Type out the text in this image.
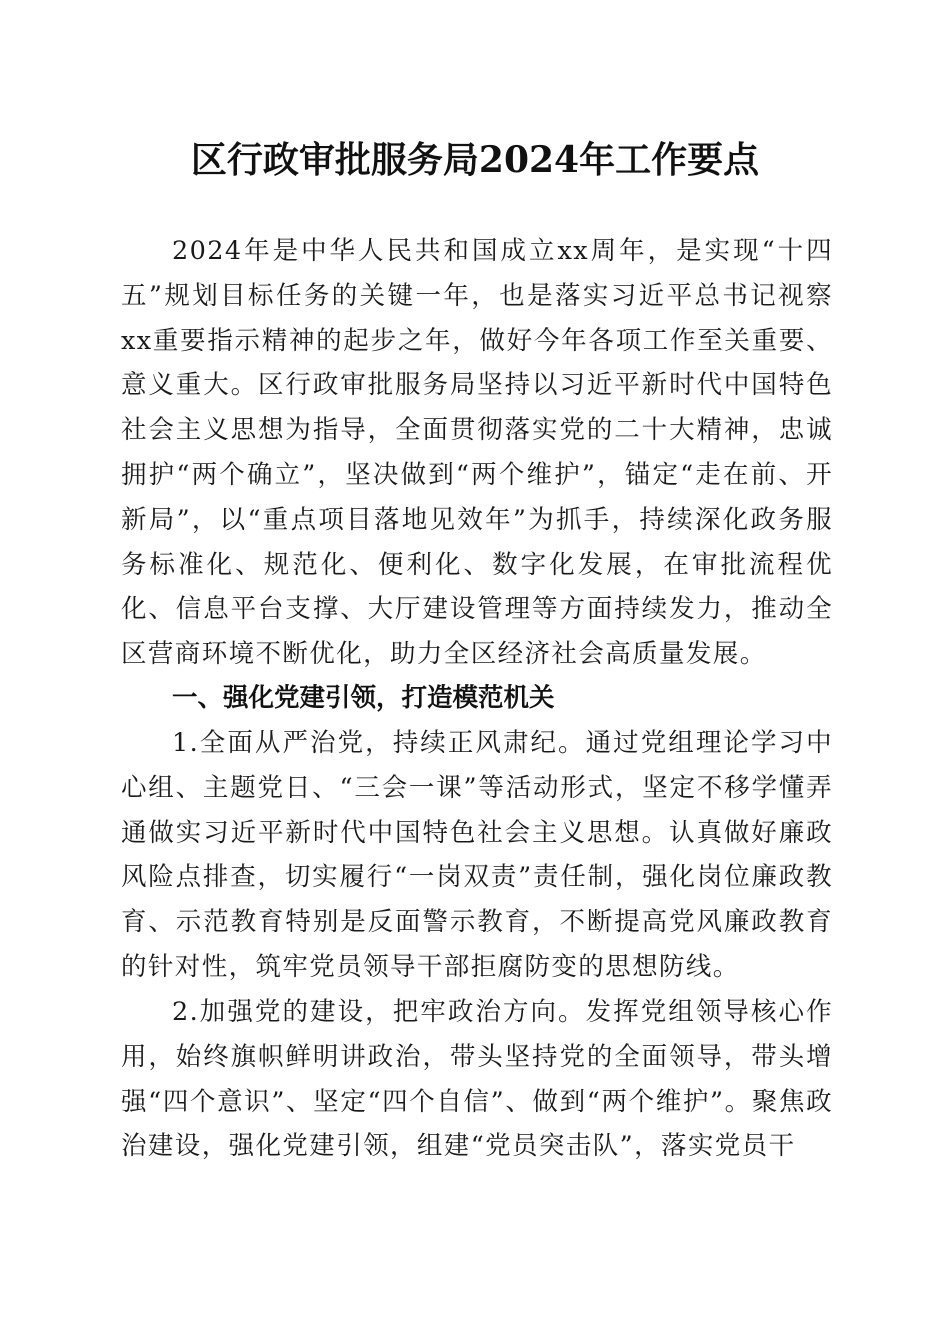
区行政审批服务局2024年工作要点

2024年是中华人民共和国成立xx周年，是实现“十四五”规划目标任务的关键一年，也是落实习近平总书记视察xx重要指示精神的起步之年，做好今年各项工作至关重要、意义重大。区行政审批服务局坚持以习近平新时代中国特色社会主义思想为指导，全面贯彻落实党的二十大精神，忠诚拥护“两个确立”，坚决做到“两个维护”，锚定“走在前、开新局”，以“重点项目落地见效年”为抓手，持续深化政务服务标准化、规范化、便利化、数字化发展，在审批流程优化、信息平台支撑、大厅建设管理等方面持续发力，推动全区营商环境不断优化，助力全区经济社会高质量发展。

一、强化党建引领，打造模范机关

1.全面从严治党，持续正风肃纪。通过党组理论学习中心组、主题党日、“三会一课”等活动形式，坚定不移学懂弄通做实习近平新时代中国特色社会主义思想。认真做好廉政风险点排查，切实履行“一岗双责”责任制，强化岗位廉政教育、示范教育特别是反面警示教育，不断提高党风廉政教育的针对性，筑牢党员领导干部拒腐防变的思想防线。

2.加强党的建设，把牢政治方向。发挥党组领导核心作用，始终旗帜鲜明讲政治，带头坚持党的全面领导，带头增强“四个意识”、坚定“四个自信”、做到“两个维护”。聚焦政治建设，强化党建引领，组建“党员突击队”，落实党员干
